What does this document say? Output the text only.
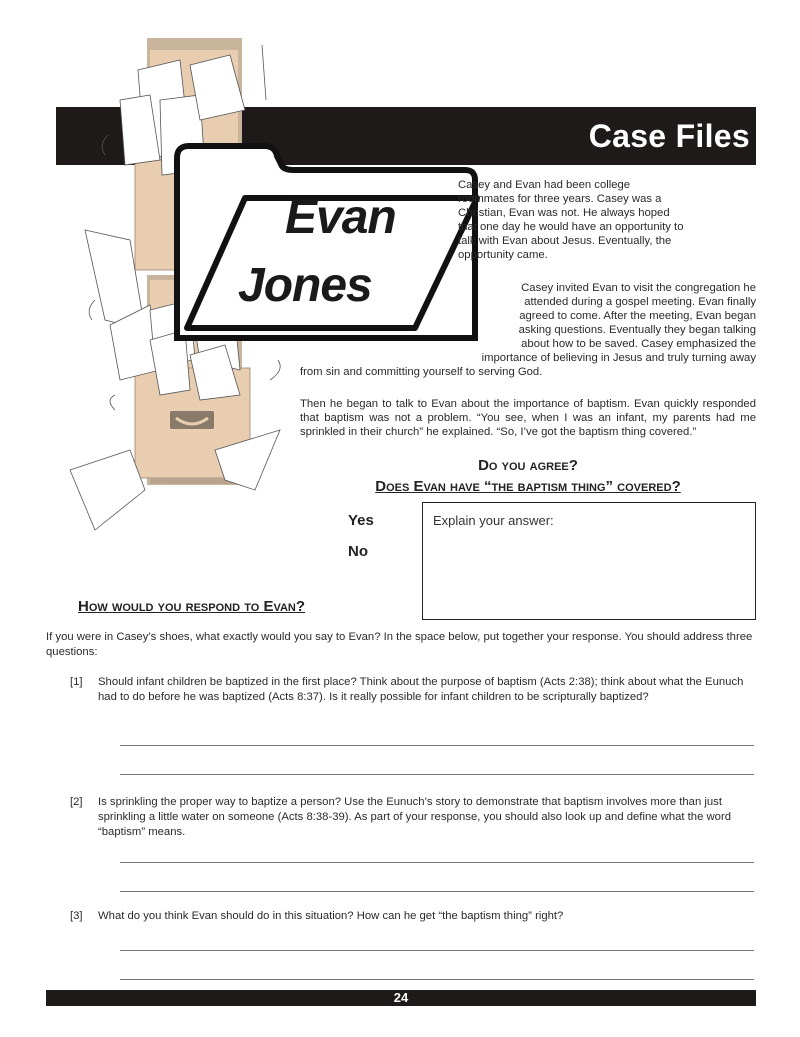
Case Files
Evan
Jones
Casey and Evan had been college
roommates for three years. Casey was a
Christian, Evan was not. He always hoped
that one day he would have an opportunity to
talk with Evan about Jesus. Eventually, the
opportunity came.
Casey invited Evan to visit the congregation he
attended during a gospel meeting. Evan finally
agreed to come. After the meeting, Evan began
asking questions. Eventually they began talking
about how to be saved. Casey emphasized the
importance of believing in Jesus and truly turning away
from sin and committing yourself to serving God.
Then he began to talk to Evan about the importance of baptism. Evan quickly responded that baptism was not a problem. “You see, when I was an infant, my parents had me sprinkled in their church” he explained. “So, I’ve got the baptism thing covered.”
Do you agree?
Does Evan have “the baptism thing” covered?
Yes
No
Explain your answer:
How would you respond to Evan?
If you were in Casey’s shoes, what exactly would you say to Evan? In the space below, put together your response. You should address three questions:
[1] Should infant children be baptized in the first place? Think about the purpose of baptism (Acts 2:38); think about what the Eunuch had to do before he was baptized (Acts 8:37). Is it really possible for infant children to be scripturally baptized?
[2] Is sprinkling the proper way to baptize a person? Use the Eunuch’s story to demonstrate that baptism involves more than just sprinkling a little water on someone (Acts 8:38-39). As part of your response, you should also look up and define what the word “baptism” means.
[3] What do you think Evan should do in this situation? How can he get “the baptism thing” right?
24
